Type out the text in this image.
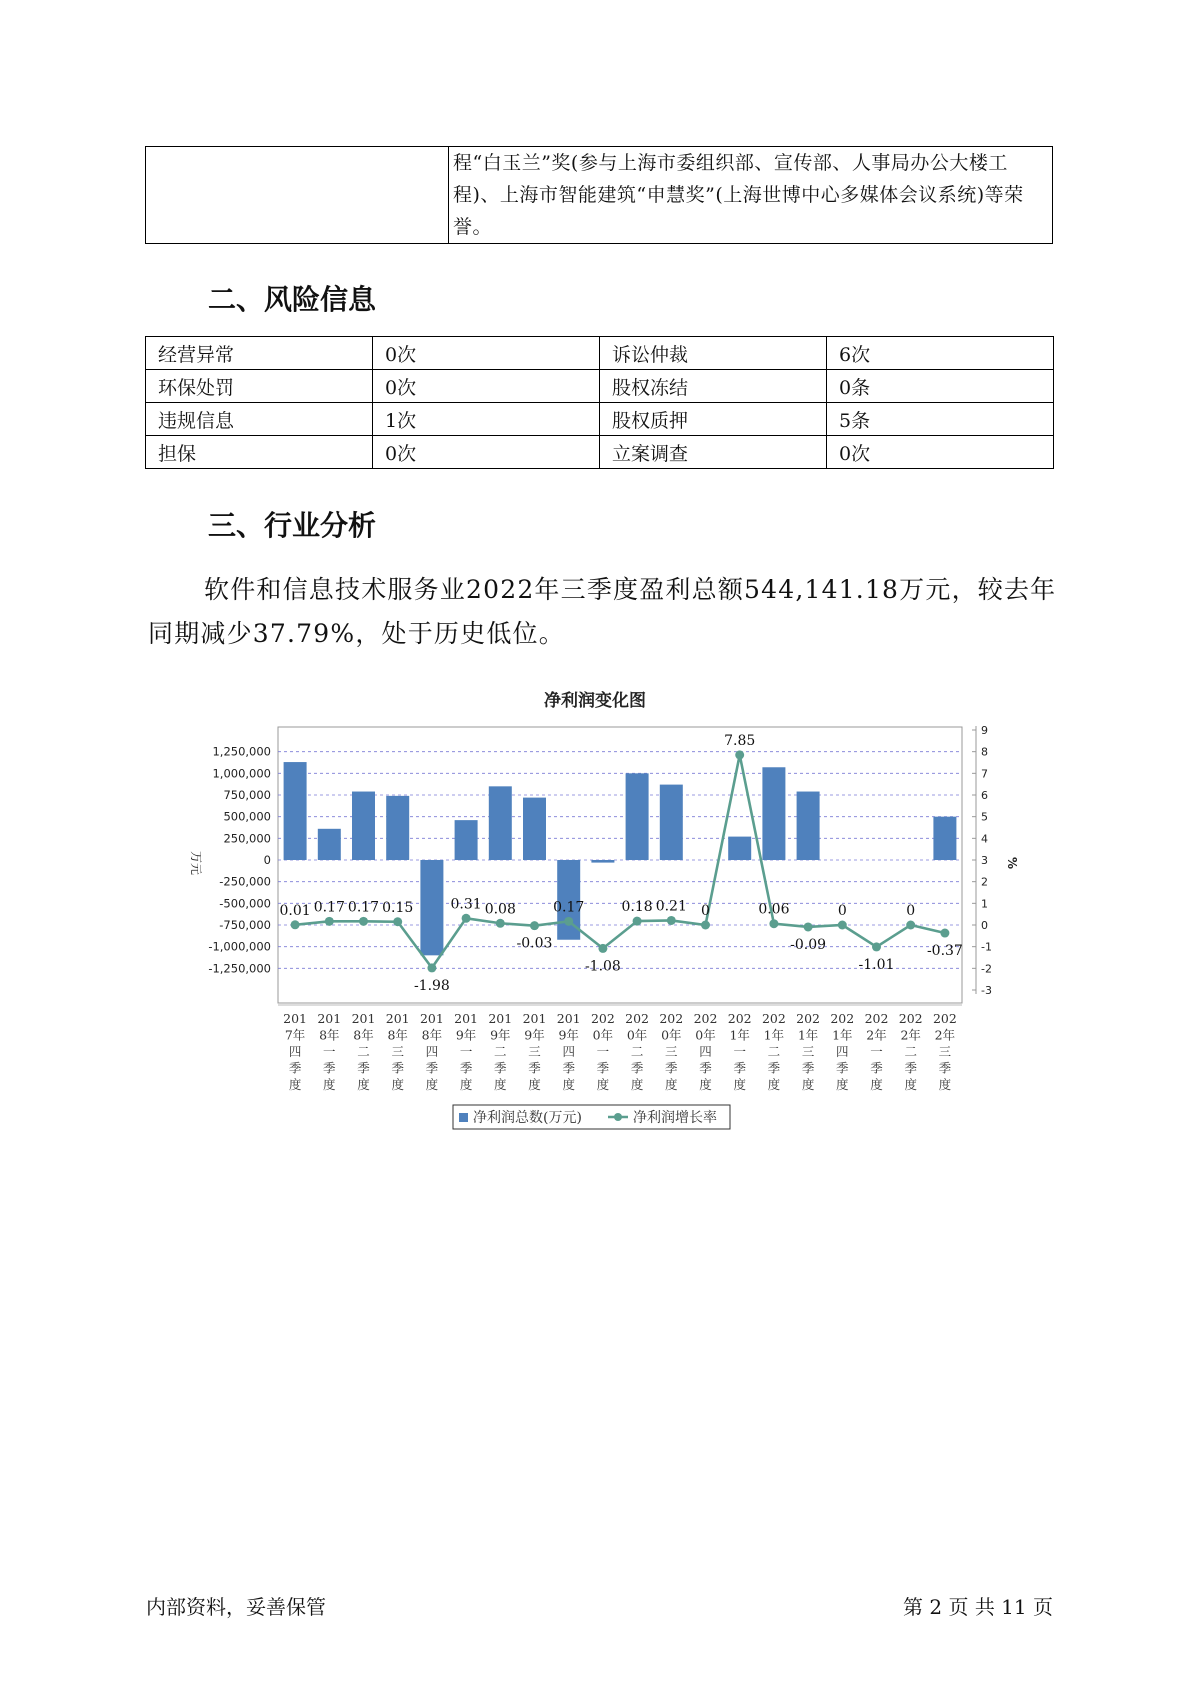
程“白玉兰”奖(参与上海市委组织部、宣传部、人事局办公大楼工
程)、上海市智能建筑“申慧奖”(上海世博中心多媒体会议系统)等荣
誉。
二、风险信息
经营异常	0次	诉讼仲裁	6次
环保处罚	0次	股权冻结	0条
违规信息	1次	股权质押	5条
担保	0次	立案调查	0次
三、行业分析

软件和信息技术服务业2022年三季度盈利总额544,141.18万元，较去年同期减少37.79%，处于历史低位。

净利润变化图
1,250,000
1,000,000
750,000
500,000
250,000
0
-250,000
-500,000
-750,000
-1,000,000
-1,250,000
9
8
7
6
5
4
3
2
1
0
-1
-2
-3
万元	%
0.01 0.17 0.17 0.15
-1.98
0.31 0.08
-0.03
0.17
-1.08
0.18 0.21 0
7.85
0.06
-0.09
0
-1.01
0
-0.37
201 7年四季度
201 8年一季度
201 8年二季度
201 8年三季度
201 8年四季度
201 9年一季度
201 9年二季度
201 9年三季度
201 9年四季度
202 0年一季度
202 0年二季度
202 0年三季度
202 0年四季度
202 1年一季度
202 1年二季度
202 1年三季度
202 1年四季度
202 2年一季度
202 2年二季度
202 2年三季度
净利润总数(万元)	净利润增长率

内部资料，妥善保管	第 2 页 共 11 页
